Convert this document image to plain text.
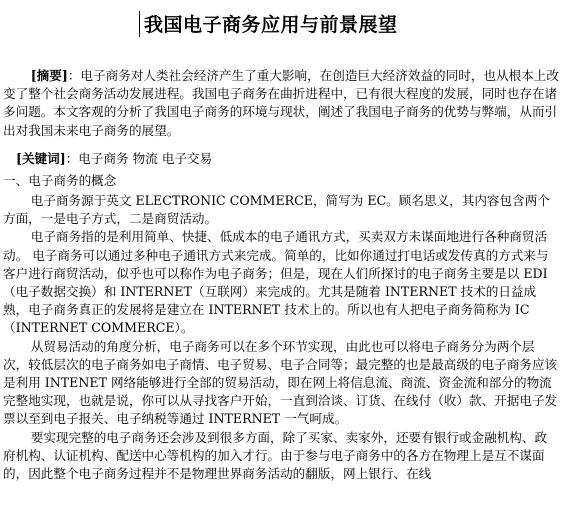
我国电子商务应用与前景展望
[摘要]：电子商务对人类社会经济产生了重大影响，在创造巨大经济效益的同时，也从根本上改变了整个社会商务活动发展进程。我国电子商务在曲折进程中，已有很大程度的发展，同时也存在诸多问题。本文客观的分析了我国电子商务的环境与现状，阐述了我国电子商务的优势与弊端，从而引出对我国未来电子商务的展望。
[关键词]：电子商务 物流 电子交易
一、电子商务的概念

电子商务源于英文 ELECTRONIC COMMERCE，简写为 EC。顾名思义，其内容包含两个方面，一是电子方式，二是商贸活动。

电子商务指的是利用简单、快捷、低成本的电子通讯方式，买卖双方未谋面地进行各种商贸活动。 电子商务可以通过多种电子通讯方式来完成。简单的，比如你通过打电话或发传真的方式来与客户进行商贸活动，似乎也可以称作为电子商务；但是，现在人们所探讨的电子商务主要是以 EDI（电子数据交换）和 INTERNET（互联网）来完成的。尤其是随着 INTERNET 技术的日益成熟，电子商务真正的发展将是建立在 INTERNET 技术上的。所以也有人把电子商务简称为 IC（INTERNET COMMERCE）。

从贸易活动的角度分析，电子商务可以在多个环节实现，由此也可以将电子商务分为两个层次，较低层次的电子商务如电子商情、电子贸易、电子合同等；最完整的也是最高级的电子商务应该是利用 INTENET 网络能够进行全部的贸易活动，即在网上将信息流、商流、资金流和部分的物流完整地实现，也就是说，你可以从寻找客户开始，一直到洽谈、订货、在线付（收）款、开据电子发票以至到电子报关、电子纳税等通过 INTERNET 一气呵成。

要实现完整的电子商务还会涉及到很多方面，除了买家、卖家外，还要有银行或金融机构、政府机构、认证机构、配送中心等机构的加入才行。由于参与电子商务中的各方在物理上是互不谋面的，因此整个电子商务过程并不是物理世界商务活动的翻版，网上银行、在线
